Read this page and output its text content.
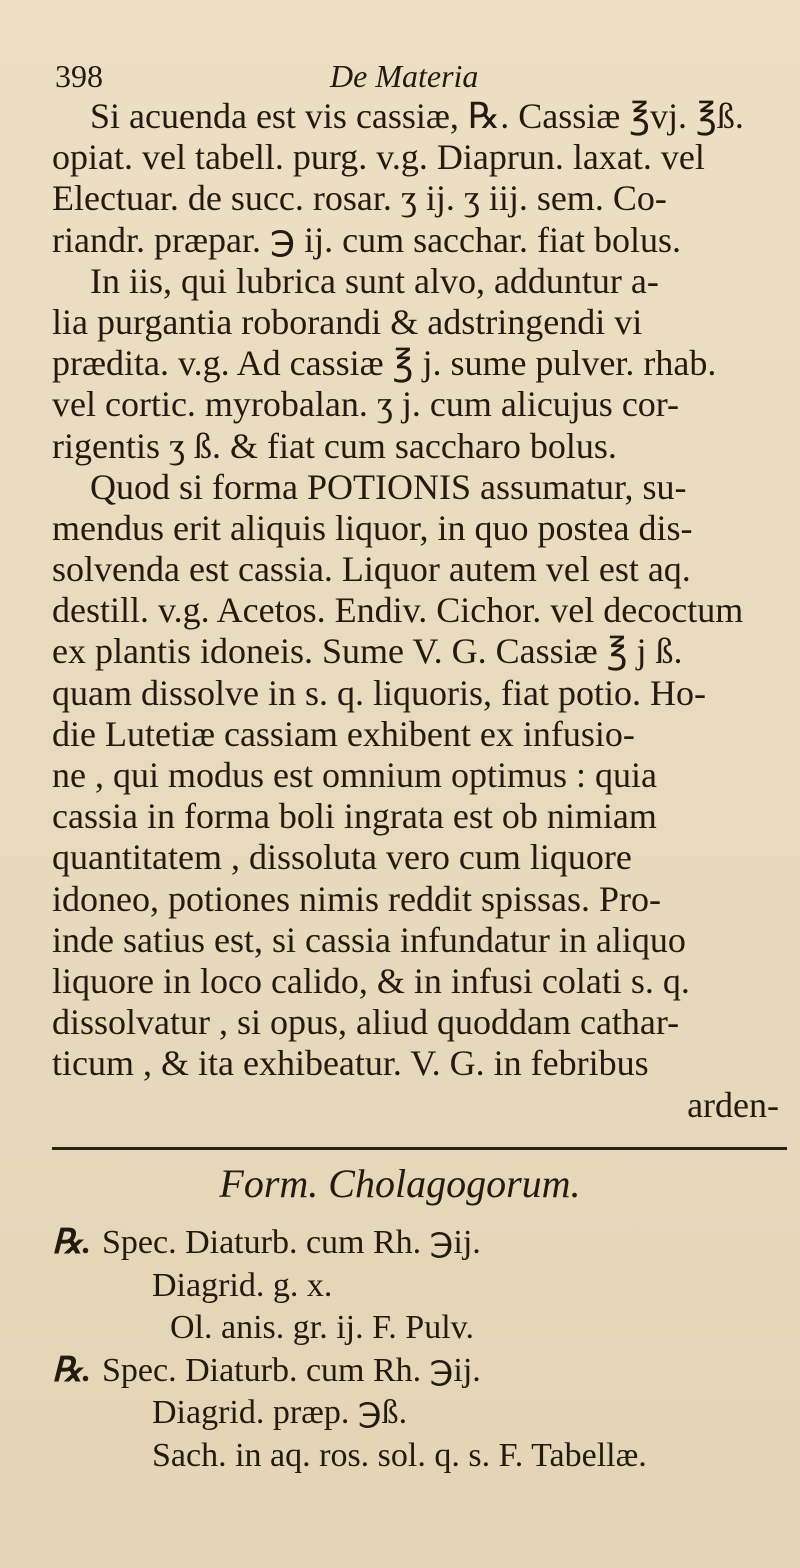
398	De Materia
Si acuenda est vis cassiæ, ℞. Cassiæ ℥vj. ℥ß.
opiat. vel tabell. purg. v.g. Diaprun. laxat. vel
Electuar. de succ. rosar. ʒ ij. ʒ iij. sem. Co-
riandr. præpar. ℈ ij. cum sacchar. fiat bolus.
In iis, qui lubrica sunt alvo, adduntur a-
lia purgantia roborandi & adstringendi vi
prædita. v.g. Ad cassiæ ℥ j. sume pulver. rhab.
vel cortic. myrobalan. ʒ j. cum alicujus cor-
rigentis ʒ ß. & fiat cum saccharo bolus.
Quod si forma POTIONIS assumatur, su-
mendus erit aliquis liquor, in quo postea dis-
solvenda est cassia. Liquor autem vel est aq.
destill. v.g. Acetos. Endiv. Cichor. vel decoctum
ex plantis idoneis. Sume V. G. Cassiæ ℥ j ß.
quam dissolve in s. q. liquoris, fiat potio. Ho-
die Lutetiæ cassiam exhibent ex infusio-
ne , qui modus est omnium optimus : quia
cassia in forma boli ingrata est ob nimiam
quantitatem , dissoluta vero cum liquore
idoneo, potiones nimis reddit spissas. Pro-
inde satius est, si cassia infundatur in aliquo
liquore in loco calido, & in infusi colati s. q.
dissolvatur , si opus, aliud quoddam cathar-
ticum , & ita exhibeatur. V. G. in febribus
arden-
Form. Cholagogorum.
℞. Spec. Diaturb. cum Rh. ℈ij.
Diagrid. g. x.
Ol. anis. gr. ij. F. Pulv.
℞. Spec. Diaturb. cum Rh. ℈ij.
Diagrid. præp. ℈ß.
Sach. in aq. ros. sol. q. s. F. Tabellæ.
